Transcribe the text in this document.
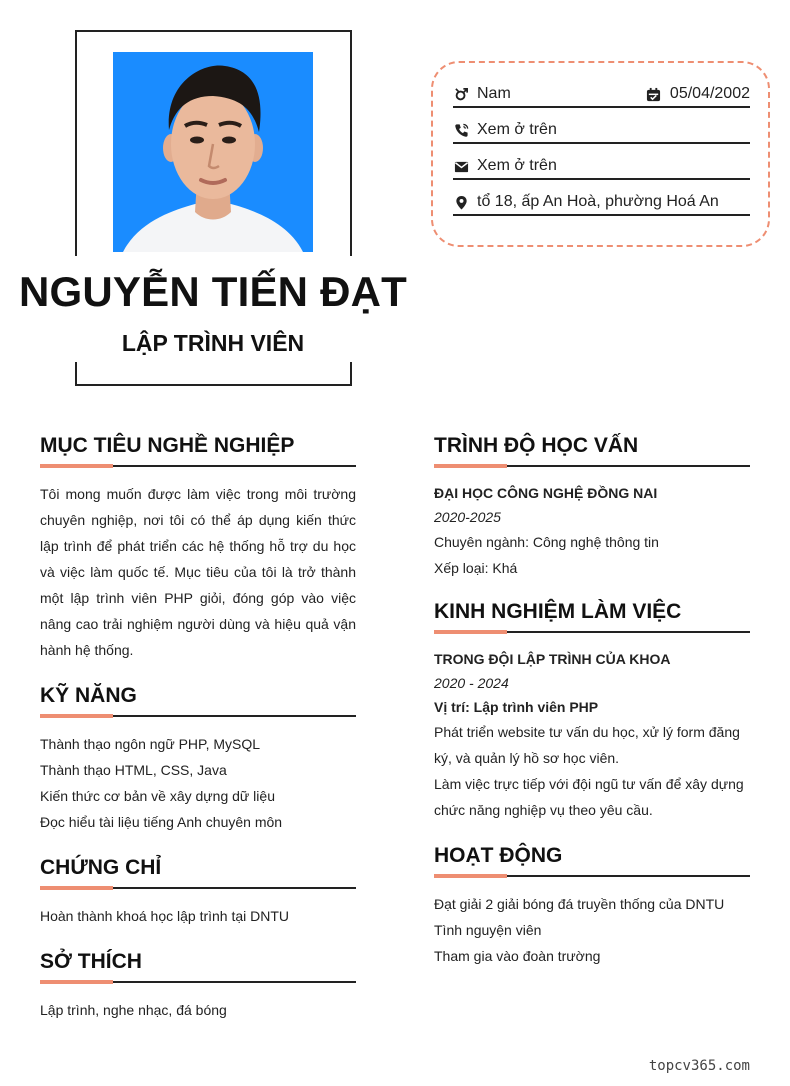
NGUYỄN TIẾN ĐẠT
LẬP TRÌNH VIÊN
Nam	05/04/2002
Xem ở trên
Xem ở trên
tổ 18, ấp An Hoà, phường Hoá An
MỤC TIÊU NGHỀ NGHIỆP
Tôi mong muốn được làm việc trong môi trường chuyên nghiệp, nơi tôi có thể áp dụng kiến thức lập trình để phát triển các hệ thống hỗ trợ du học và việc làm quốc tế. Mục tiêu của tôi là trở thành một lập trình viên PHP giỏi, đóng góp vào việc nâng cao trải nghiệm người dùng và hiệu quả vận hành hệ thống.
KỸ NĂNG
Thành thạo ngôn ngữ PHP, MySQL
Thành thạo HTML, CSS, Java
Kiến thức cơ bản về xây dựng dữ liệu
Đọc hiểu tài liệu tiếng Anh chuyên môn
CHỨNG CHỈ
Hoàn thành khoá học lập trình tại DNTU
SỞ THÍCH
Lập trình, nghe nhạc, đá bóng
TRÌNH ĐỘ HỌC VẤN
ĐẠI HỌC CÔNG NGHỆ ĐỒNG NAI
2020-2025
Chuyên ngành: Công nghệ thông tin
Xếp loại: Khá
KINH NGHIỆM LÀM VIỆC
TRONG ĐỘI LẬP TRÌNH CỦA KHOA
2020 - 2024
Vị trí: Lập trình viên PHP
Phát triển website tư vấn du học, xử lý form đăng ký, và quản lý hồ sơ học viên.
Làm việc trực tiếp với đội ngũ tư vấn để xây dựng chức năng nghiệp vụ theo yêu cầu.
HOẠT ĐỘNG
Đạt giải 2 giải bóng đá truyền thống của DNTU
Tình nguyện viên
Tham gia vào đoàn trường
topcv365.com
